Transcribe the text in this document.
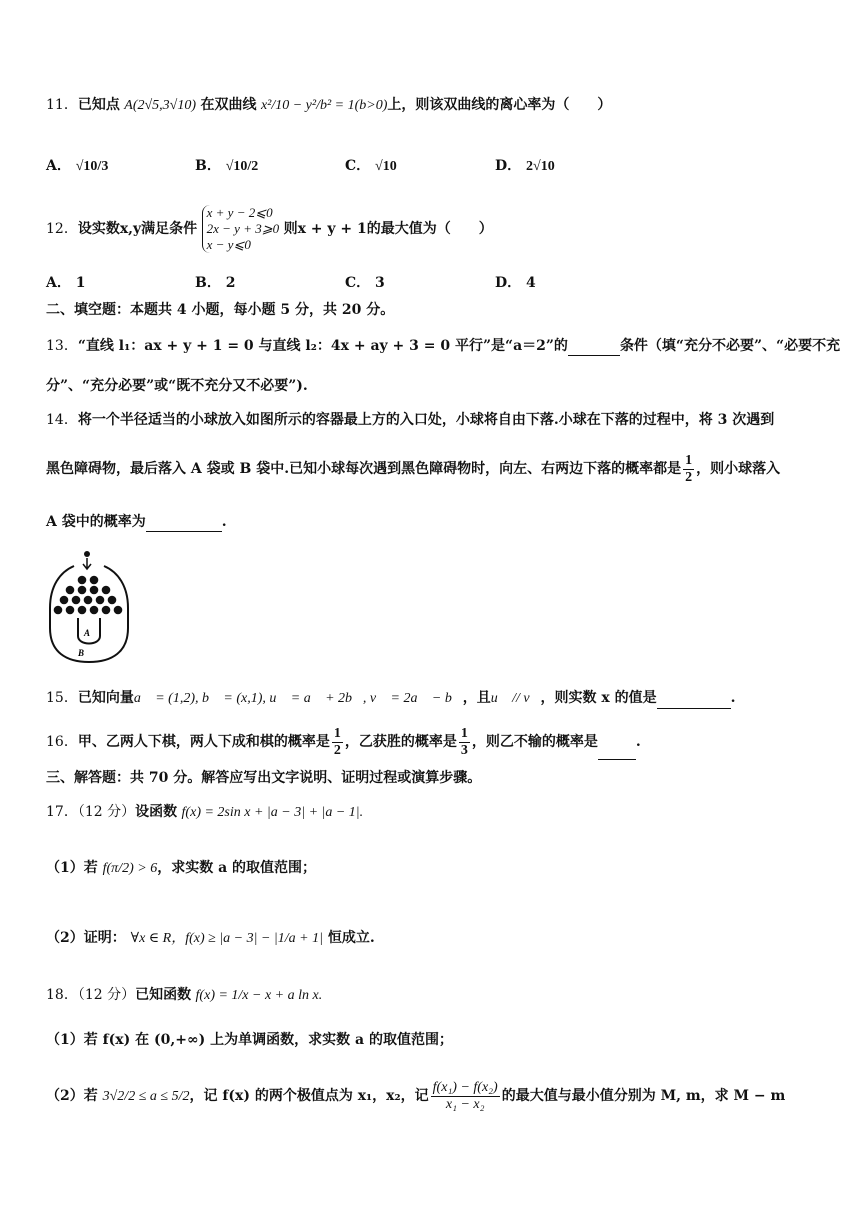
11．已知点 A(2√5,3√10) 在双曲线 x²/10 − y²/b² = 1(b>0)上，则该双曲线的离心率为（　　）
A． √10/3	B． √10/2	C． √10	D． 2√10
12．设实数x,y满足条件
x + y − 2⩽0
2x − y + 3⩾0
x − y⩽0
则x + y + 1的最大值为（　　）
A． 1	B． 2	C． 3	D． 4
二、填空题：本题共 4 小题，每小题 5 分，共 20 分。
13．“直线 l₁：ax + y + 1 = 0 与直线 l₂：4x + ay + 3 = 0 平行”是“a＝2”的	条件（填“充分不必要”、“必要不充
分”、“充分必要”或“既不充分又不必要”).
14．将一个半径适当的小球放入如图所示的容器最上方的入口处，小球将自由下落.小球在下落的过程中，将 3 次遇到
黑色障碍物，最后落入 A 袋或 B 袋中.已知小球每次遇到黑色障碍物时，向左、右两边下落的概率都是 $\frac{1}{2}$ ，则小球落入
A 袋中的概率为	.
A
B
15．已知向量a⃗ = (1,2), b⃗ = (x,1), u⃗ = a⃗ + 2b⃗, v⃗ = 2a⃗ − b⃗，且u⃗ // v⃗，则实数 x 的值是	.
16．甲、乙两人下棋，两人下成和棋的概率是 $\frac{1}{2}$ ，乙获胜的概率是 $\frac{1}{3}$ ，则乙不输的概率是	.
三、解答题：共 70 分。解答应写出文字说明、证明过程或演算步骤。
17．（12 分）设函数 f(x) = 2sin x + |a − 3| + |a − 1|.
（1）若 f(π/2) > 6，求实数 a 的取值范围；
（2）证明： ∀x ∈ R，f(x) ≥ |a − 3| − |1/a + 1| 恒成立.
18．（12 分）已知函数 f(x) = 1/x − x + a ln x.
（1）若 f(x) 在 (0,+∞) 上为单调函数，求实数 a 的取值范围；
（2）若 3√2/2 ≤ a ≤ 5/2，记 f(x) 的两个极值点为 x₁，x₂，记 $\frac{\text{f(x₁) − f(x₂)}}{\text{x₁ − x₂}}$ 的最大值与最小值分别为 M, m，求 M − m
